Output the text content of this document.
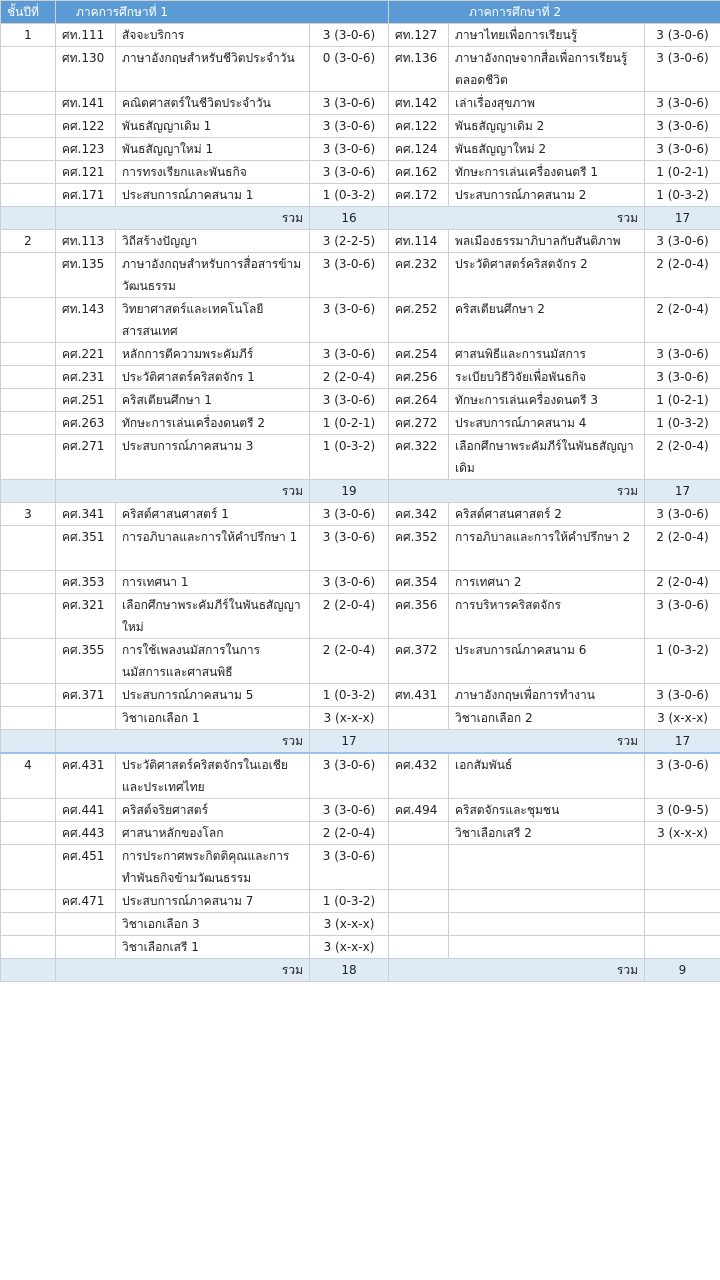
ชั้นปีที่	ภาคการศึกษาที่ 1			ภาคการศึกษาที่ 2		
1	ศท.111	สัจจะบริการ	3 (3-0-6)	ศท.127	ภาษาไทยเพื่อการเรียนรู้	3 (3-0-6)
	ศท.130	ภาษาอังกฤษสำหรับชีวิตประจำวัน	0 (3-0-6)	ศท.136	ภาษาอังกฤษจากสื่อเพื่อการเรียนรู้ตลอดชีวิต	3 (3-0-6)
	ศท.141	คณิตศาสตร์ในชีวิตประจำวัน	3 (3-0-6)	ศท.142	เล่าเรื่องสุขภาพ	3 (3-0-6)
	คศ.122	พันธสัญญาเดิม 1	3 (3-0-6)	คศ.122	พันธสัญญาเดิม 2	3 (3-0-6)
	คศ.123	พันธสัญญาใหม่ 1	3 (3-0-6)	คศ.124	พันธสัญญาใหม่ 2	3 (3-0-6)
	คศ.121	การทรงเรียกและพันธกิจ	3 (3-0-6)	คศ.162	ทักษะการเล่นเครื่องดนตรี 1	1 (0-2-1)
	คศ.171	ประสบการณ์ภาคสนาม 1	1 (0-3-2)	คศ.172	ประสบการณ์ภาคสนาม 2	1 (0-3-2)
	รวม		16	รวม		17
2	ศท.113	วิถีสร้างปัญญา	3 (2-2-5)	ศท.114	พลเมืองธรรมาภิบาลกับสันติภาพ	3 (3-0-6)
	ศท.135	ภาษาอังกฤษสำหรับการสื่อสารข้ามวัฒนธรรม	3 (3-0-6)	คศ.232	ประวัติศาสตร์คริสตจักร 2	2 (2-0-4)
	ศท.143	วิทยาศาสตร์และเทคโนโลยีสารสนเทศ	3 (3-0-6)	คศ.252	คริสเตียนศึกษา 2	2 (2-0-4)
	คศ.221	หลักการตีความพระคัมภีร์	3 (3-0-6)	คศ.254	ศาสนพิธีและการนมัสการ	3 (3-0-6)
	คศ.231	ประวัติศาสตร์คริสตจักร 1	2 (2-0-4)	คศ.256	ระเบียบวิธีวิจัยเพื่อพันธกิจ	3 (3-0-6)
	คศ.251	คริสเตียนศึกษา 1	3 (3-0-6)	คศ.264	ทักษะการเล่นเครื่องดนตรี 3	1 (0-2-1)
	คศ.263	ทักษะการเล่นเครื่องดนตรี 2	1 (0-2-1)	คศ.272	ประสบการณ์ภาคสนาม 4	1 (0-3-2)
	คศ.271	ประสบการณ์ภาคสนาม 3	1 (0-3-2)	คศ.322	เลือกศึกษาพระคัมภีร์ในพันธสัญญาเดิม	2 (2-0-4)
	รวม		19	รวม		17
3	คศ.341	คริสต์ศาสนศาสตร์ 1	3 (3-0-6)	คศ.342	คริสต์ศาสนศาสตร์ 2	3 (3-0-6)
	คศ.351	การอภิบาลและการให้คำปรึกษา 1	3 (3-0-6)	คศ.352	การอภิบาลและการให้คำปรึกษา 2	2 (2-0-4)
	คศ.353	การเทศนา 1	3 (3-0-6)	คศ.354	การเทศนา 2	2 (2-0-4)
	คศ.321	เลือกศึกษาพระคัมภีร์ในพันธสัญญาใหม่	2 (2-0-4)	คศ.356	การบริหารคริสตจักร	3 (3-0-6)
	คศ.355	การใช้เพลงนมัสการในการนมัสการและศาสนพิธี	2 (2-0-4)	คศ.372	ประสบการณ์ภาคสนาม 6	1 (0-3-2)
	คศ.371	ประสบการณ์ภาคสนาม 5	1 (0-3-2)	ศท.431	ภาษาอังกฤษเพื่อการทำงาน	3 (3-0-6)
		วิชาเอกเลือก 1	3 (x-x-x)		วิชาเอกเลือก 2	3 (x-x-x)
	รวม		17	รวม		17
4	คศ.431	ประวัติศาสตร์คริสตจักรในเอเชียและประเทศไทย	3 (3-0-6)	คศ.432	เอกสัมพันธ์	3 (3-0-6)
	คศ.441	คริสต์จริยศาสตร์	3 (3-0-6)	คศ.494	คริสตจักรและชุมชน	3 (0-9-5)
	คศ.443	ศาสนาหลักของโลก	2 (2-0-4)		วิชาเลือกเสรี 2	3 (x-x-x)
	คศ.451	การประกาศพระกิตติคุณและการทำพันธกิจข้ามวัฒนธรรม	3 (3-0-6)			
	คศ.471	ประสบการณ์ภาคสนาม 7	1 (0-3-2)			
		วิชาเอกเลือก 3	3 (x-x-x)			
		วิชาเลือกเสรี 1	3 (x-x-x)			
	รวม		18	รวม		9
